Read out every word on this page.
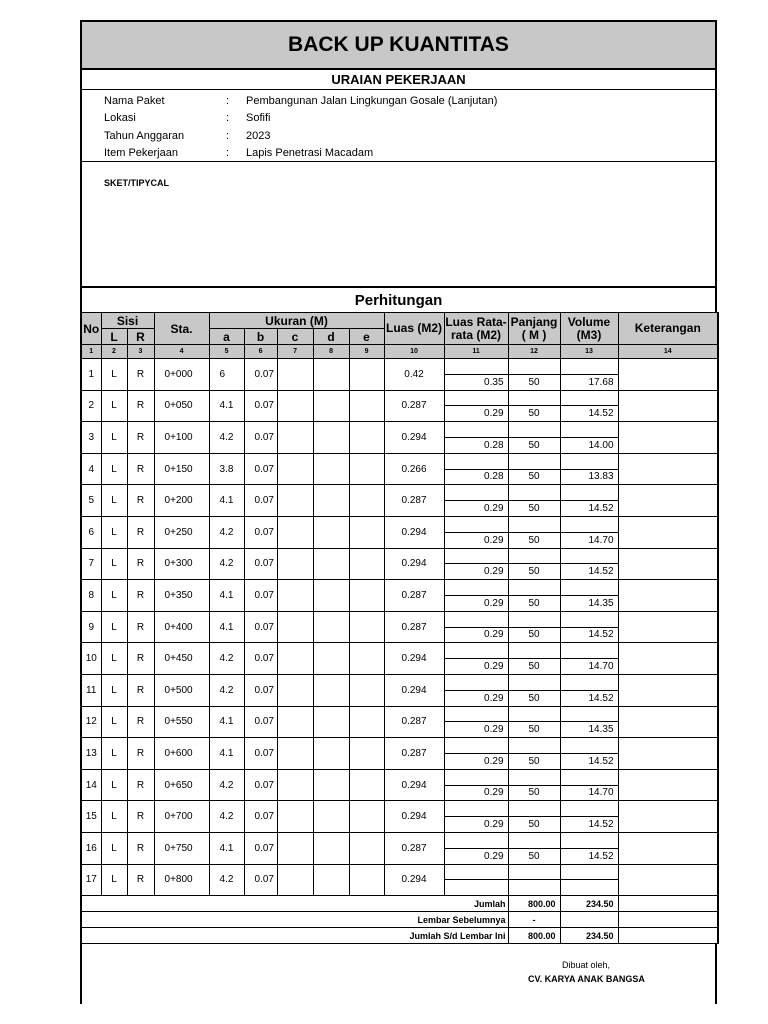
BACK UP KUANTITAS
URAIAN PEKERJAAN
Nama Paket	:	Pembangunan Jalan Lingkungan Gosale (Lanjutan)
Lokasi	:	Sofifi
Tahun Anggaran	:	2023
Item Pekerjaan	:	Lapis Penetrasi Macadam
SKET/TIPYCAL
Perhitungan
No	Sisi		Sta.	Ukuran (M)					Luas (M2)	Luas Rata-rata (M2)	Panjang ( M )	Volume (M3)	Keterangan
	L	R		a	b	c	d	e					
1	2	3	4	5	6	7	8	9	10	11	12	13	14
1	L	R	0+000	6	0.07				0.42	0.35	50	17.68	

2	L	R	0+050	4.1	0.07				0.287	0.29	50	14.52	

3	L	R	0+100	4.2	0.07				0.294	0.28	50	14.00	

4	L	R	0+150	3.8	0.07				0.266	0.28	50	13.83	

5	L	R	0+200	4.1	0.07				0.287	0.29	50	14.52	

6	L	R	0+250	4.2	0.07				0.294	0.29	50	14.70	

7	L	R	0+300	4.2	0.07				0.294	0.29	50	14.52	

8	L	R	0+350	4.1	0.07				0.287	0.29	50	14.35	

9	L	R	0+400	4.1	0.07				0.287	0.29	50	14.52	

10	L	R	0+450	4.2	0.07				0.294	0.29	50	14.70	

11	L	R	0+500	4.2	0.07				0.294	0.29	50	14.52	

12	L	R	0+550	4.1	0.07				0.287	0.29	50	14.35	

13	L	R	0+600	4.1	0.07				0.287	0.29	50	14.52	

14	L	R	0+650	4.2	0.07				0.294	0.29	50	14.70	

15	L	R	0+700	4.2	0.07				0.294	0.29	50	14.52	

16	L	R	0+750	4.1	0.07				0.287	0.29	50	14.52	

17	L	R	0+800	4.2	0.07				0.294	

Jumlah											800.00	234.50	
Lembar Sebelumnya											-		
Jumlah S/d Lembar Ini											800.00	234.50	
Dibuat oleh,
CV. KARYA ANAK BANGSA
